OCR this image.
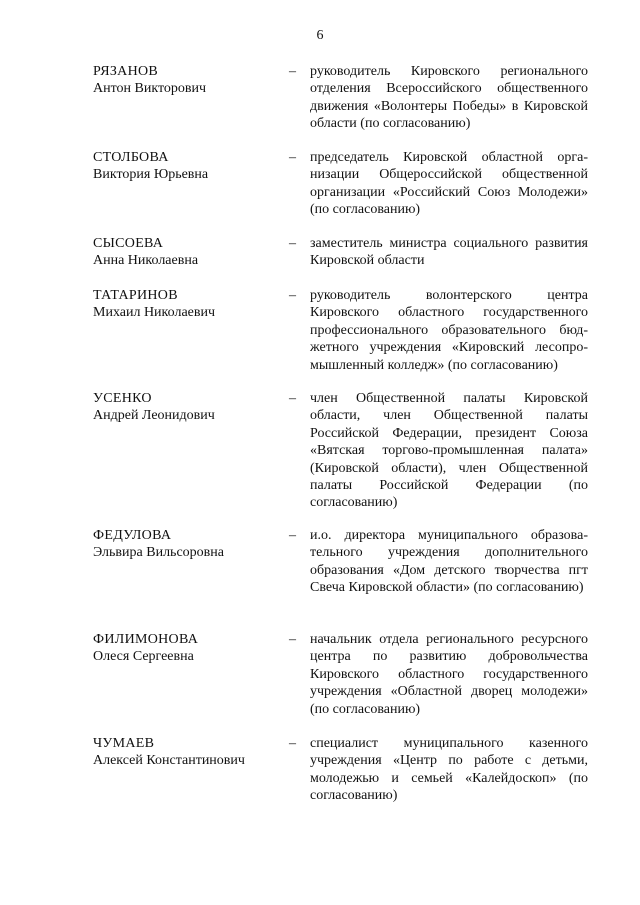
6
РЯЗАНОВ
Антон Викторович
– руководитель Кировского регионального отделения Всероссийского общественного движения «Волонтеры Победы» в Кировской области (по согласованию)
СТОЛБОВА
Виктория Юрьевна
– председатель Кировской областной организации Общероссийской общественной организации «Российский Союз Молодежи» (по согласованию)
СЫСОЕВА
Анна Николаевна
– заместитель министра социального развития Кировской области
ТАТАРИНОВ
Михаил Николаевич
– руководитель волонтерского центра Кировского областного государственного профессионального образовательного бюджетного учреждения «Кировский лесопромышленный колледж» (по согласованию)
УСЕНКО
Андрей Леонидович
– член Общественной палаты Кировской области, член Общественной палаты Российской Федерации, президент Союза «Вятская торгово-промышленная палата» (Кировской области), член Общественной палаты Российской Федерации (по согласованию)
ФЕДУЛОВА
Эльвира Вильсоровна
– и.о. директора муниципального образовательного учреждения дополнительного образования «Дом детского творчества пгт Свеча Кировской области» (по согласованию)
ФИЛИМОНОВА
Олеся Сергеевна
– начальник отдела регионального ресурсного центра по развитию добровольчества Кировского областного государственного учреждения «Областной дворец молодежи» (по согласованию)
ЧУМАЕВ
Алексей Константинович
– специалист муниципального казенного учреждения «Центр по работе с детьми, молодежью и семьей «Калейдоскоп» (по согласованию)
